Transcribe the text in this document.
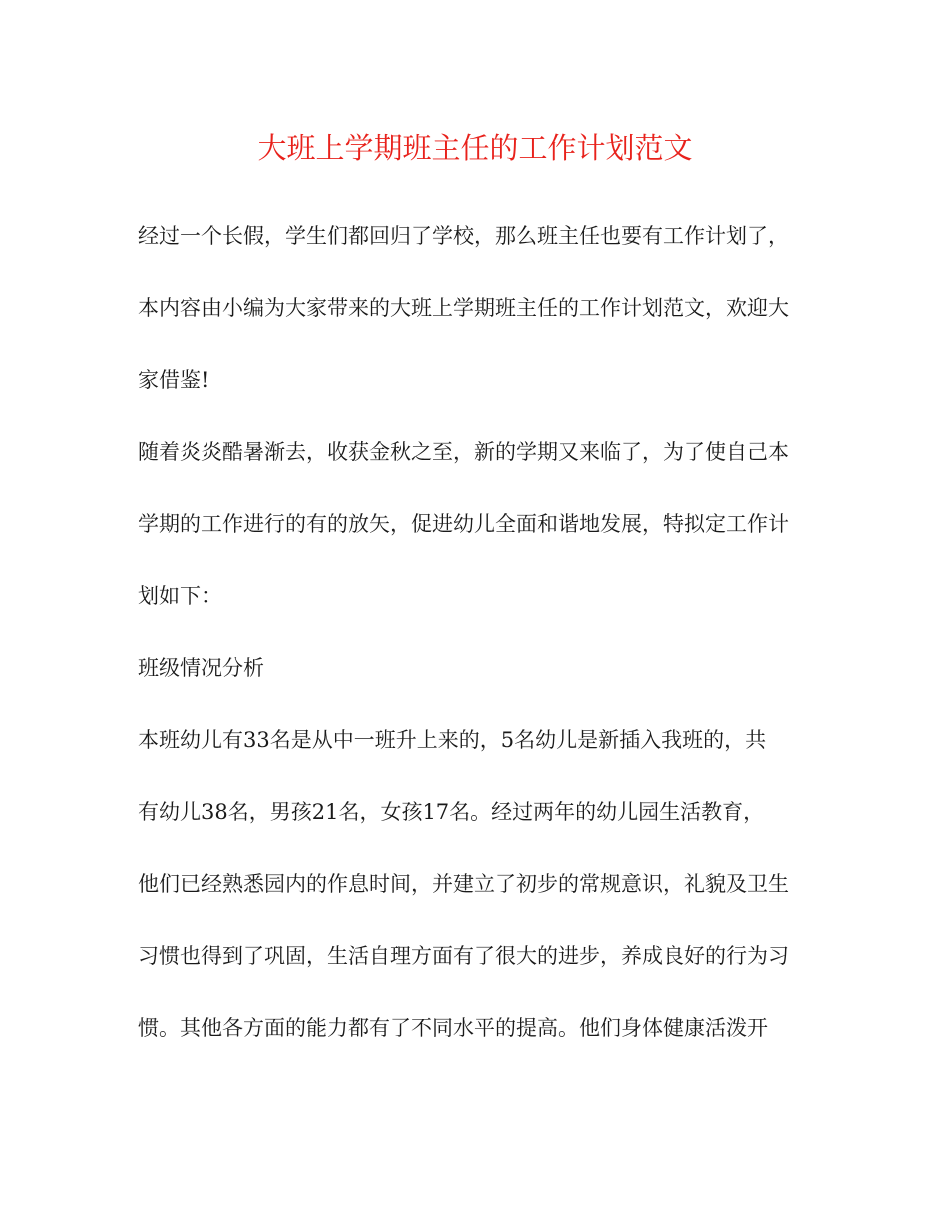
大班上学期班主任的工作计划范文
经过一个长假，学生们都回归了学校，那么班主任也要有工作计划了，
本内容由小编为大家带来的大班上学期班主任的工作计划范文，欢迎大
家借鉴!
随着炎炎酷暑渐去，收获金秋之至，新的学期又来临了，为了使自己本
学期的工作进行的有的放矢，促进幼儿全面和谐地发展，特拟定工作计
划如下：
班级情况分析
本班幼儿有33名是从中一班升上来的，5名幼儿是新插入我班的，共
有幼儿38名，男孩21名，女孩17名。经过两年的幼儿园生活教育，
他们已经熟悉园内的作息时间，并建立了初步的常规意识，礼貌及卫生
习惯也得到了巩固，生活自理方面有了很大的进步，养成良好的行为习
惯。其他各方面的能力都有了不同水平的提高。他们身体健康活泼开
